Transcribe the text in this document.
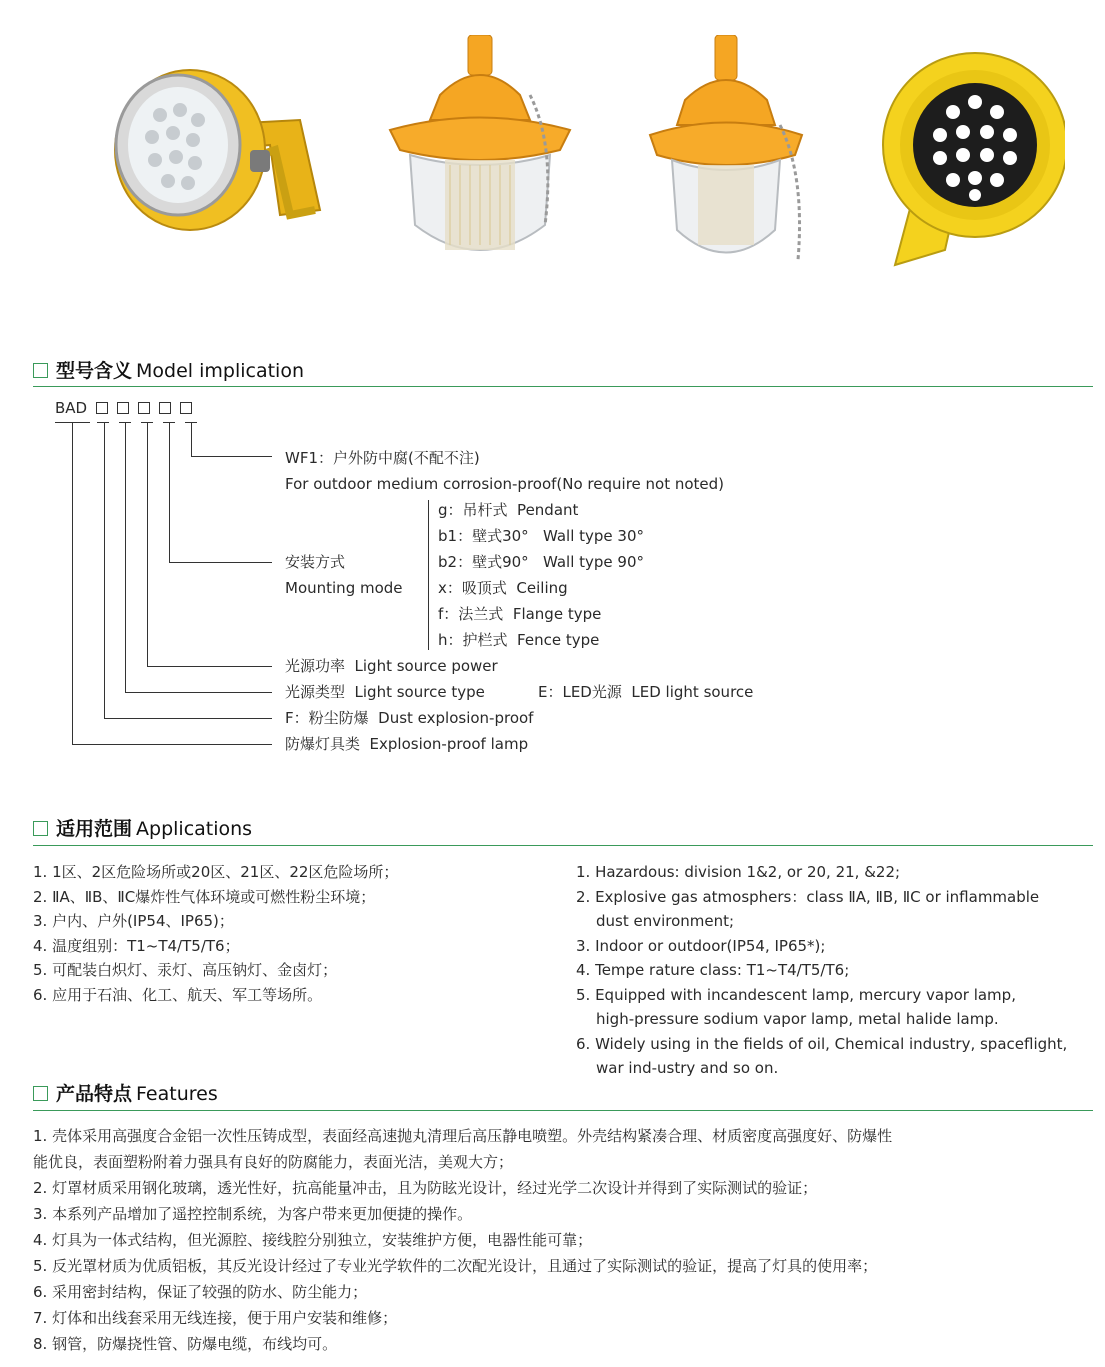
型号含义 Model implication
BAD
WF1：户外防中腐(不配不注)
For outdoor medium corrosion-proof(No require not noted)
安装方式
Mounting mode
g：吊杆式  Pendant
b1：壁式30°   Wall type 30°
b2：壁式90°   Wall type 90°
x：吸顶式  Ceiling
f：法兰式  Flange type
h：护栏式  Fence type
光源功率  Light source power
光源类型  Light source type	E：LED光源  LED light source
F：粉尘防爆  Dust explosion-proof
防爆灯具类  Explosion-proof lamp
适用范围 Applications
1. 1区、2区危险场所或20区、21区、22区危险场所；
2. ⅡA、ⅡB、ⅡC爆炸性气体环境或可燃性粉尘环境；
3. 户内、户外(IP54、IP65)；
4. 温度组别：T1~T4/T5/T6；
5. 可配装白炽灯、汞灯、高压钠灯、金卤灯；
6. 应用于石油、化工、航天、军工等场所。
1. Hazardous: division 1&2, or 20, 21, &22;
2. Explosive gas atmosphers：class ⅡA, ⅡB, ⅡC or inflammable
dust environment;
3. Indoor or outdoor(IP54, IP65*);
4. Tempe rature class: T1~T4/T5/T6;
5. Equipped with incandescent lamp, mercury vapor lamp,
high-pressure sodium vapor lamp, metal halide lamp.
6. Widely using in the fields of oil, Chemical industry, spaceflight,
war ind-ustry and so on.
产品特点 Features
1. 壳体采用高强度合金铝一次性压铸成型，表面经高速抛丸清理后高压静电喷塑。外壳结构紧凑合理、材质密度高强度好、防爆性
能优良，表面塑粉附着力强具有良好的防腐能力，表面光洁，美观大方；
2. 灯罩材质采用钢化玻璃，透光性好，抗高能量冲击，且为防眩光设计，经过光学二次设计并得到了实际测试的验证；
3. 本系列产品增加了遥控控制系统，为客户带来更加便捷的操作。
4. 灯具为一体式结构，但光源腔、接线腔分别独立，安装维护方便，电器性能可靠；
5. 反光罩材质为优质铝板，其反光设计经过了专业光学软件的二次配光设计，且通过了实际测试的验证，提高了灯具的使用率；
6. 采用密封结构，保证了较强的防水、防尘能力；
7. 灯体和出线套采用无线连接，便于用户安装和维修；
8. 钢管，防爆挠性管、防爆电缆，布线均可。
